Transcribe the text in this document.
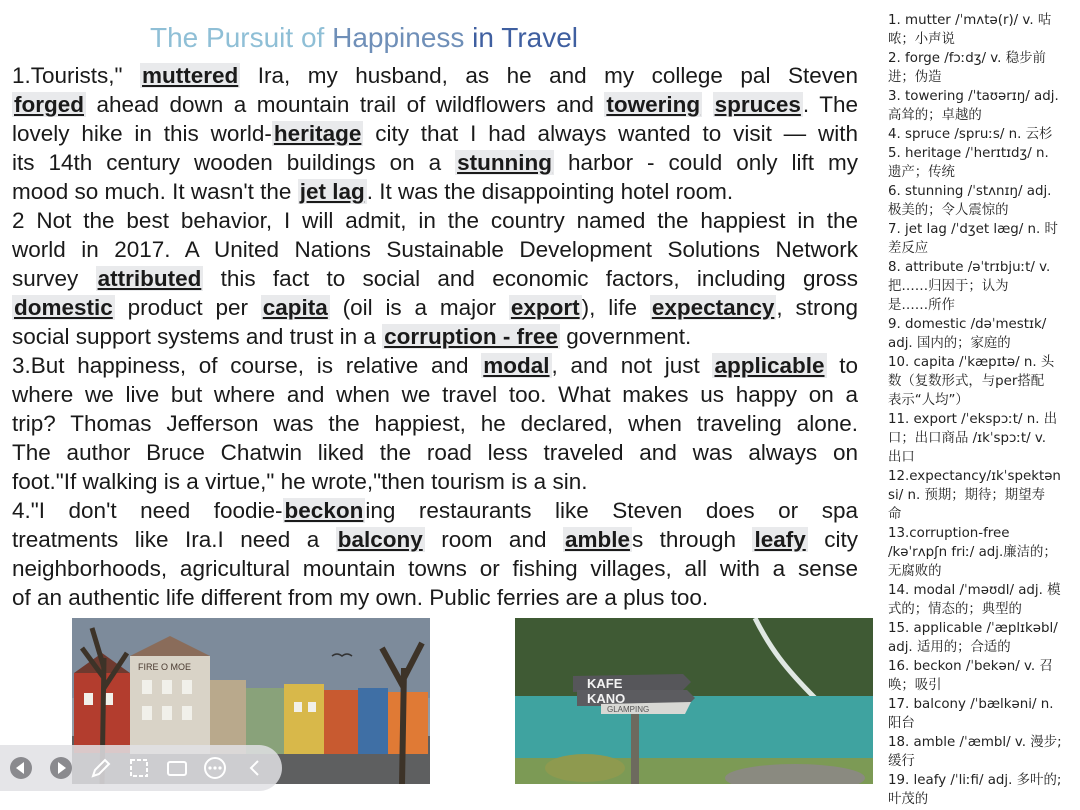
The Pursuit of Happiness in Travel
1.Tourists," muttered Ira, my husband, as he and my college pal Steven
forged ahead down a mountain trail of wildflowers and towering spruces. The
lovely hike in this world-heritage city that I had always wanted to visit — with
its 14th century wooden buildings on a stunning harbor - could only lift my
mood so much. It wasn't the jet lag. It was the disappointing hotel room.
2 Not the best behavior, I will admit, in the country named the happiest in the
world in 2017. A United Nations Sustainable Development Solutions Network
survey attributed this fact to social and economic factors, including gross
domestic product per capita (oil is a major export), life expectancy, strong
social support systems and trust in a corruption - free government.
3.But happiness, of course, is relative and modal, and not just applicable to
where we live but where and when we travel too. What makes us happy on a
trip? Thomas Jefferson was the happiest, he declared, when traveling alone.
The author Bruce Chatwin liked the road less traveled and was always on
foot."If walking is a virtue," he wrote,"then tourism is a sin.
4."I don't need foodie-beckoning restaurants like Steven does or spa
treatments like Ira.I need a balcony room and ambles through leafy city
neighborhoods, agricultural mountain towns or fishing villages, all with a sense
of an authentic life different from my own. Public ferries are a plus too.
1. mutter /ˈmʌtə(r)/ v. 咕
哝；小声说
2. forge /fɔːdʒ/ v. 稳步前
进；伪造
3. towering /ˈtaʊərɪŋ/ adj.
高耸的；卓越的
4. spruce /spruːs/ n. 云杉
5. heritage /ˈherɪtɪdʒ/ n.
遗产；传统
6. stunning /ˈstʌnɪŋ/ adj.
极美的；令人震惊的
7. jet lag /ˈdʒet læg/ n. 时
差反应
8. attribute /əˈtrɪbjuːt/ v.
把……归因于；认为
是……所作
9. domestic /dəˈmestɪk/
adj. 国内的；家庭的
10. capita /ˈkæpɪtə/ n. 头
数（复数形式，与per搭配
表示“人均”）
11. export /ˈekspɔːt/ n. 出
口；出口商品 /ɪkˈspɔːt/ v.
出口
12.expectancy/ɪkˈspektən
si/ n. 预期；期待；期望寿
命
13.corruption-free
/kəˈrʌpʃn friː/ adj.廉洁的；
无腐败的
14. modal /ˈməʊdl/ adj. 模
式的；情态的；典型的
15. applicable /ˈæplɪkəbl/
adj. 适用的；合适的
16. beckon /ˈbekən/ v. 召
唤；吸引
17. balcony /ˈbælkəni/ n.
阳台
18. amble /ˈæmbl/ v. 漫步;
缓行
19. leafy /ˈliːfi/ adj. 多叶的;
叶茂的
FIRE O MOE
KAFE
KANO
GLAMPING
